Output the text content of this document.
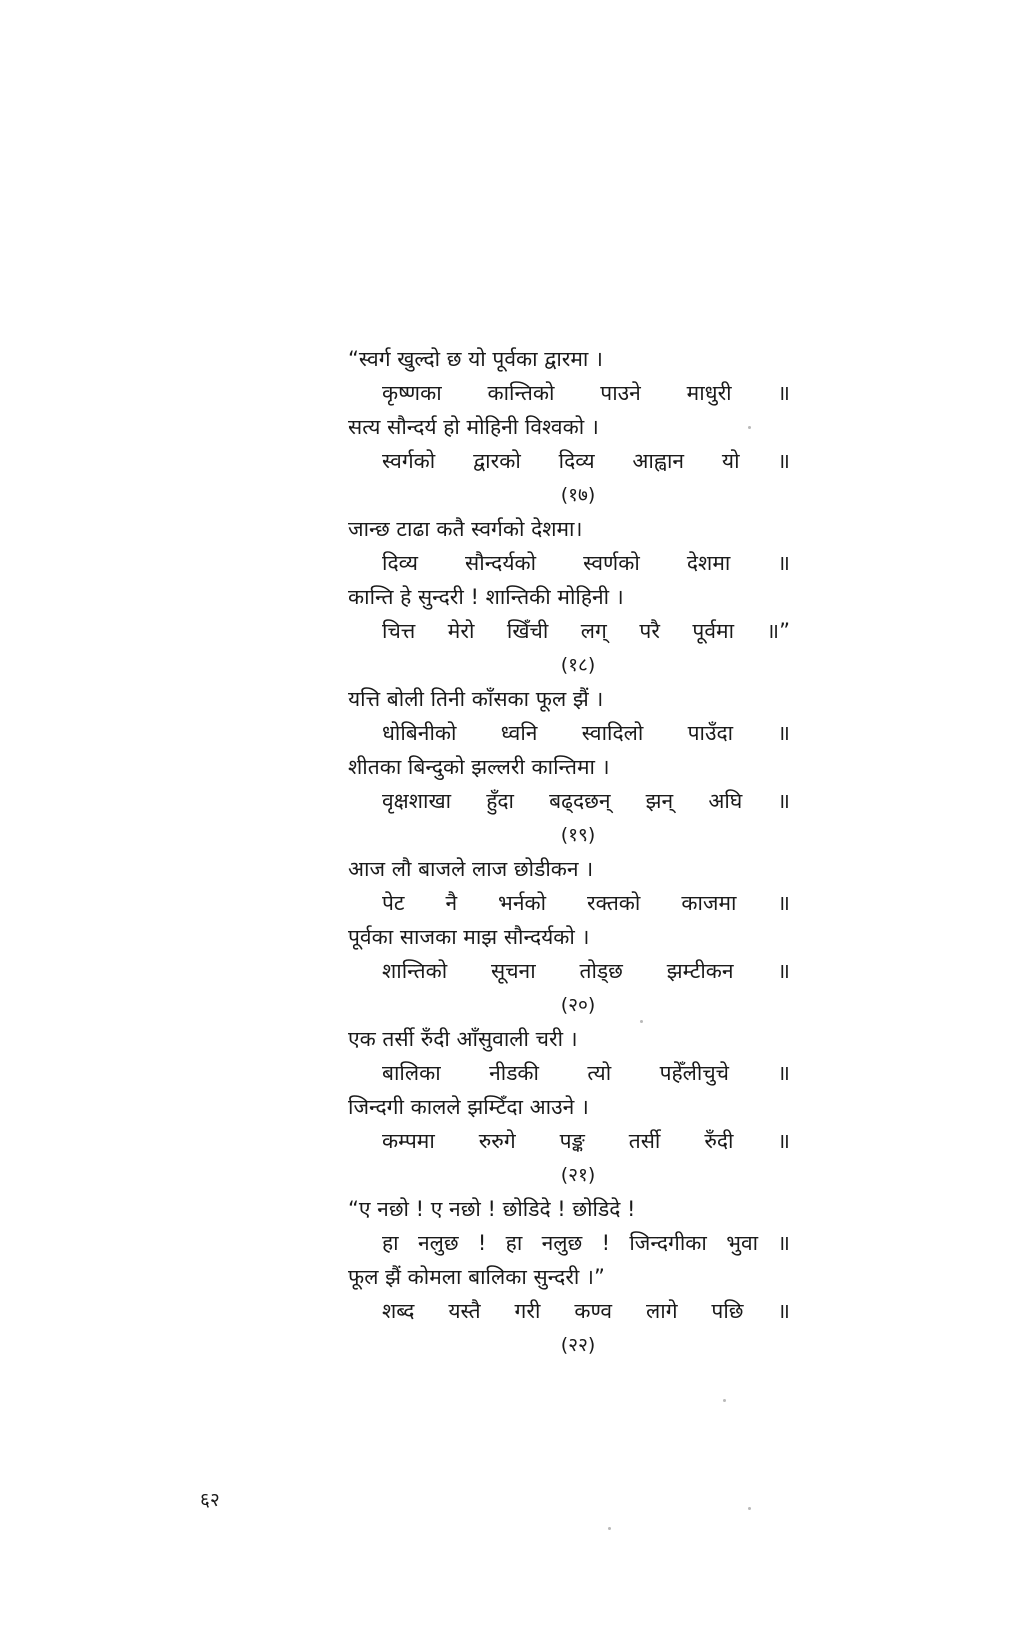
“स्वर्ग खुल्दो छ यो पूर्वका द्वारमा ।
कृष्णका कान्तिको पाउने माधुरी ॥
सत्य सौन्दर्य हो मोहिनी विश्वको ।
स्वर्गको द्वारको दिव्य आह्वान यो ॥
(१७)
जान्छ टाढा कतै स्वर्गको देशमा।
दिव्य सौन्दर्यको स्वर्णको देशमा ॥
कान्ति हे सुन्दरी ! शान्तिकी मोहिनी ।
चित्त मेरो खिँची लग् परै पूर्वमा ॥”
(१८)
यत्ति बोली तिनी काँसका फूल झैं ।
धोबिनीको ध्वनि स्वादिलो पाउँदा ॥
शीतका बिन्दुको झल्लरी कान्तिमा ।
वृक्षशाखा हुँदा बढ्दछन् झन् अघि ॥
(१९)
आज लौ बाजले लाज छोडीकन ।
पेट नै भर्नको रक्तको काजमा ॥
पूर्वका साजका माझ सौन्दर्यको ।
शान्तिको सूचना तोड्छ झम्टीकन ॥
(२०)
एक तर्सी रुँदी आँसुवाली चरी ।
बालिका नीडकी त्यो पहेँलीचुचे ॥
जिन्दगी कालले झम्टिँदा आउने ।
कम्पमा रुरुगे पङ्क तर्सी रुँदी ॥
(२१)
“ए नछो ! ए नछो ! छोडिदे ! छोडिदे !
हा नलुछ ! हा नलुछ ! जिन्दगीका भुवा ॥
फूल झैं कोमला बालिका सुन्दरी ।”
शब्द यस्तै गरी कण्व लागे पछि ॥
(२२)
६२
